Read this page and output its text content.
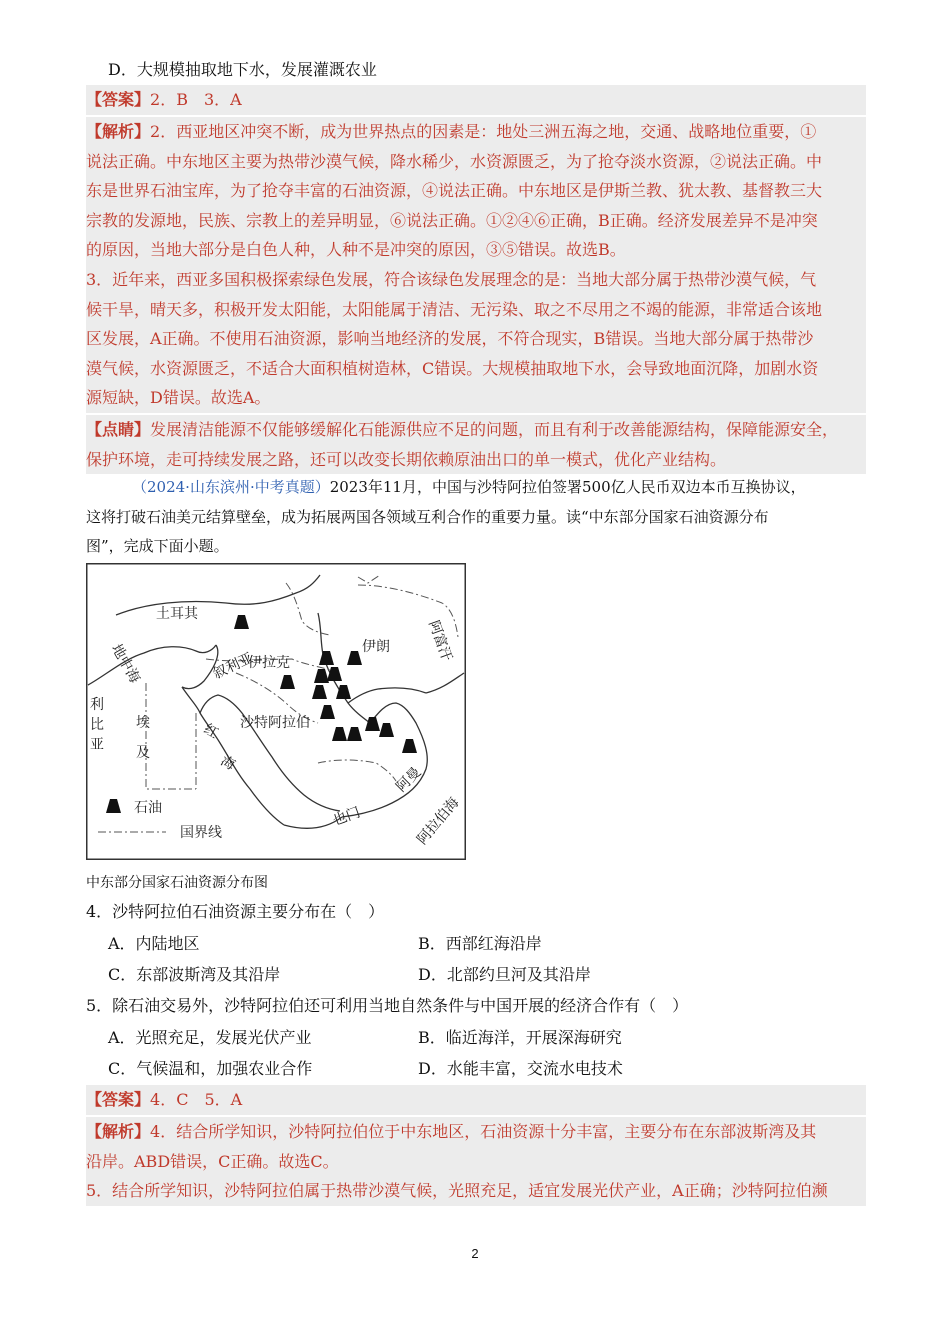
D．大规模抽取地下水，发展灌溉农业
【答案】2．B　3．A
【解析】2．西亚地区冲突不断，成为世界热点的因素是：地处三洲五海之地，交通、战略地位重要，①
说法正确。中东地区主要为热带沙漠气候，降水稀少，水资源匮乏，为了抢夺淡水资源，②说法正确。中
东是世界石油宝库，为了抢夺丰富的石油资源，④说法正确。中东地区是伊斯兰教、犹太教、基督教三大
宗教的发源地，民族、宗教上的差异明显，⑥说法正确。①②④⑥正确，B正确。经济发展差异不是冲突
的原因，当地大部分是白色人种，人种不是冲突的原因，③⑤错误。故选B。
3．近年来，西亚多国积极探索绿色发展，符合该绿色发展理念的是：当地大部分属于热带沙漠气候，气
候干旱，晴天多，积极开发太阳能，太阳能属于清洁、无污染、取之不尽用之不竭的能源，非常适合该地
区发展，A正确。不使用石油资源，影响当地经济的发展，不符合现实，B错误。当地大部分属于热带沙
漠气候，水资源匮乏，不适合大面积植树造林，C错误。大规模抽取地下水，会导致地面沉降，加剧水资
源短缺，D错误。故选A。
【点睛】发展清洁能源不仅能够缓解化石能源供应不足的问题，而且有利于改善能源结构，保障能源安全，
保护环境，走可持续发展之路，还可以改变长期依赖原油出口的单一模式，优化产业结构。
（2024·山东滨州·中考真题）2023年11月，中国与沙特阿拉伯签署500亿人民币双边本币互换协议，
这将打破石油美元结算壁垒，成为拓展两国各领域互利合作的重要力量。读“中东部分国家石油资源分布
图”，完成下面小题。
土耳其
地中海	叙利亚
伊拉克
伊朗	阿富汗
利
比
亚
埃
及
红
海
沙特阿拉伯
阿曼
也门	阿拉伯海
石油
国界线
中东部分国家石油资源分布图
4．沙特阿拉伯石油资源主要分布在（　）
A．内陆地区	B．西部红海沿岸
C．东部波斯湾及其沿岸	D．北部约旦河及其沿岸
5．除石油交易外，沙特阿拉伯还可利用当地自然条件与中国开展的经济合作有（　）
A．光照充足，发展光伏产业	B．临近海洋，开展深海研究
C．气候温和，加强农业合作	D．水能丰富，交流水电技术
【答案】4．C　5．A
【解析】4．结合所学知识，沙特阿拉伯位于中东地区，石油资源十分丰富，主要分布在东部波斯湾及其
沿岸。ABD错误，C正确。故选C。
5．结合所学知识，沙特阿拉伯属于热带沙漠气候，光照充足，适宜发展光伏产业，A正确；沙特阿拉伯濒
2
